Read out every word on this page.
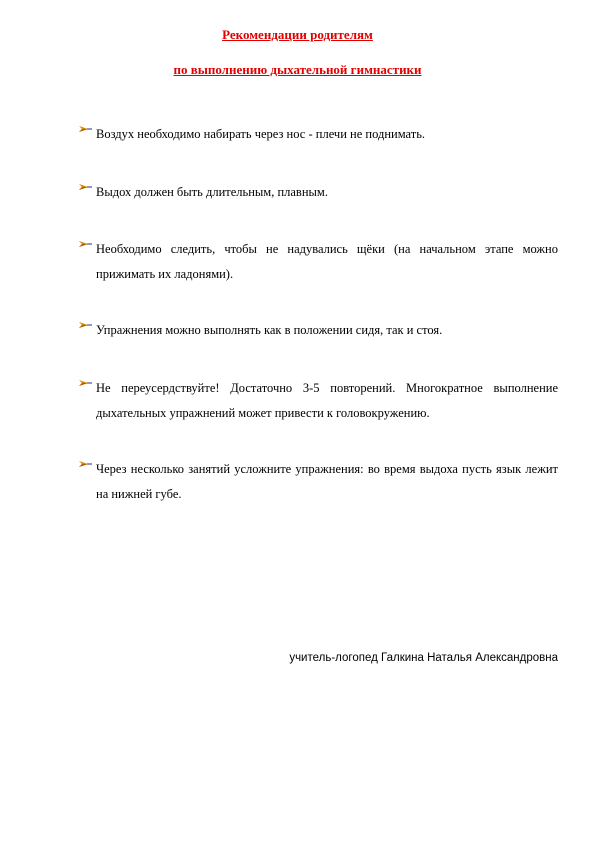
Рекомендации родителям
по выполнению дыхательной гимнастики
Воздух необходимо набирать через нос - плечи не поднимать.
Выдох должен быть длительным, плавным.
Необходимо следить, чтобы не надувались щёки (на начальном этапе можно прижимать их ладонями).
Упражнения можно выполнять как в положении сидя, так и стоя.
Не переусердствуйте! Достаточно 3-5 повторений. Многократное выполнение дыхательных упражнений может привести к головокружению.
Через несколько занятий усложните упражнения: во время выдоха пусть язык лежит на нижней губе.
учитель-логопед Галкина Наталья Александровна
